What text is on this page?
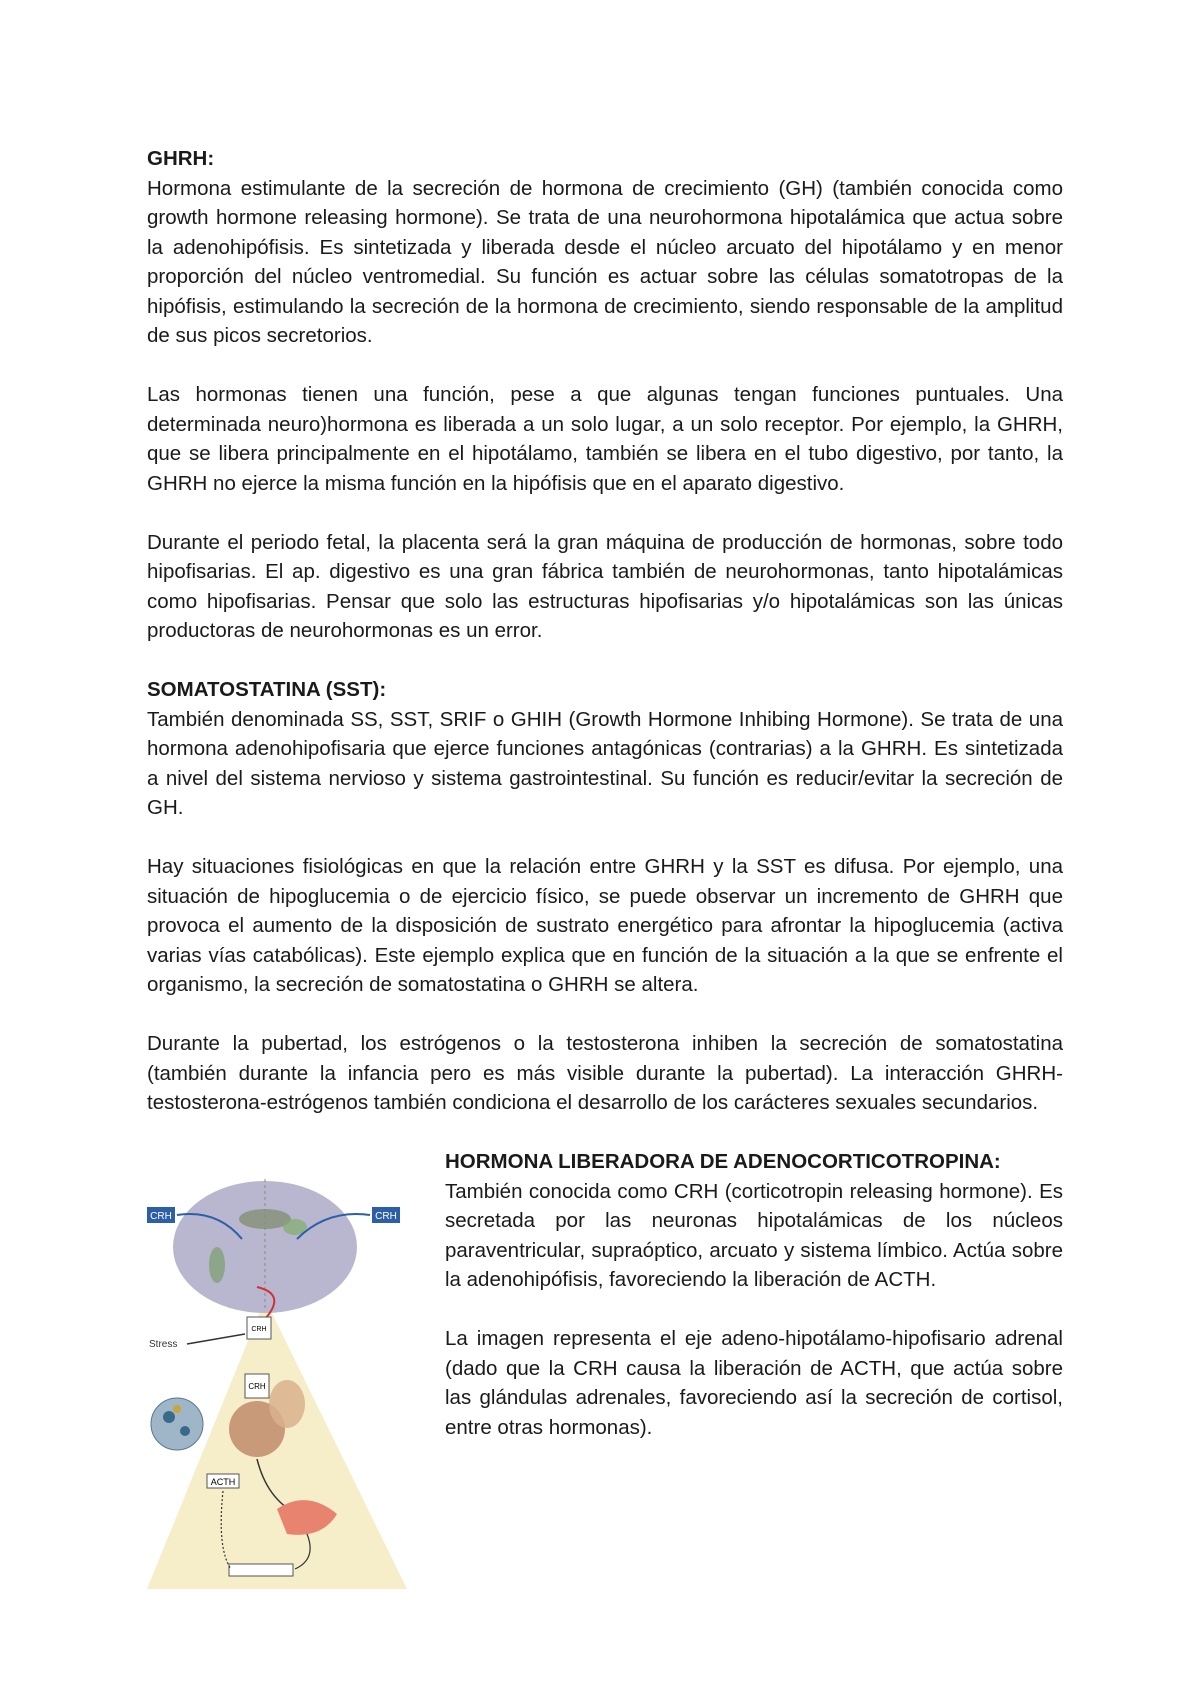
GHRH:

Hormona estimulante de la secreción de hormona de crecimiento (GH) (también conocida como growth hormone releasing hormone). Se trata de una neurohormona hipotalámica que actua sobre la adenohipófisis. Es sintetizada y liberada desde el núcleo arcuato del hipotálamo y en menor proporción del núcleo ventromedial. Su función es actuar sobre las células somatotropas de la hipófisis, estimulando la secreción de la hormona de crecimiento, siendo responsable de la amplitud de sus picos secretorios.

Las hormonas tienen una función, pese a que algunas tengan funciones puntuales. Una determinada neuro)hormona es liberada a un solo lugar, a un solo receptor. Por ejemplo, la GHRH, que se libera principalmente en el hipotálamo, también se libera en el tubo digestivo, por tanto, la GHRH no ejerce la misma función en la hipófisis que en el aparato digestivo.

Durante el periodo fetal, la placenta será la gran máquina de producción de hormonas, sobre todo hipofisarias. El ap. digestivo es una gran fábrica también de neurohormonas, tanto hipotalámicas como hipofisarias. Pensar que solo las estructuras hipofisarias y/o hipotalámicas son las únicas productoras de neurohormonas es un error.

SOMATOSTATINA (SST):

También denominada SS, SST, SRIF o GHIH (Growth Hormone Inhibing Hormone). Se trata de una hormona adenohipofisaria que ejerce funciones antagónicas (contrarias) a la GHRH. Es sintetizada a nivel del sistema nervioso y sistema gastrointestinal. Su función es reducir/evitar la secreción de GH.

Hay situaciones fisiológicas en que la relación entre GHRH y la SST es difusa. Por ejemplo, una situación de hipoglucemia o de ejercicio físico, se puede observar un incremento de GHRH que provoca el aumento de la disposición de sustrato energético para afrontar la hipoglucemia (activa varias vías catabólicas). Este ejemplo explica que en función de la situación a la que se enfrente el organismo, la secreción de somatostatina o GHRH se altera.

Durante la pubertad, los estrógenos o la testosterona inhiben la secreción de somatostatina (también durante la infancia pero es más visible durante la pubertad). La interacción GHRH-testosterona-estrógenos también condiciona el desarrollo de los carácteres sexuales secundarios.

CRH	CRH
CRH
Stress
CRH
ACTH

HORMONA LIBERADORA DE ADENOCORTICOTROPINA:

También conocida como CRH (corticotropin releasing hormone). Es secretada por las neuronas hipotalámicas de los núcleos paraventricular, supraóptico, arcuato y sistema límbico. Actúa sobre la adenohipófisis, favoreciendo la liberación de ACTH.

La imagen representa el eje adeno-hipotálamo-hipofisario adrenal (dado que la CRH causa la liberación de ACTH, que actúa sobre las glándulas adrenales, favoreciendo así la secreción de cortisol, entre otras hormonas).
